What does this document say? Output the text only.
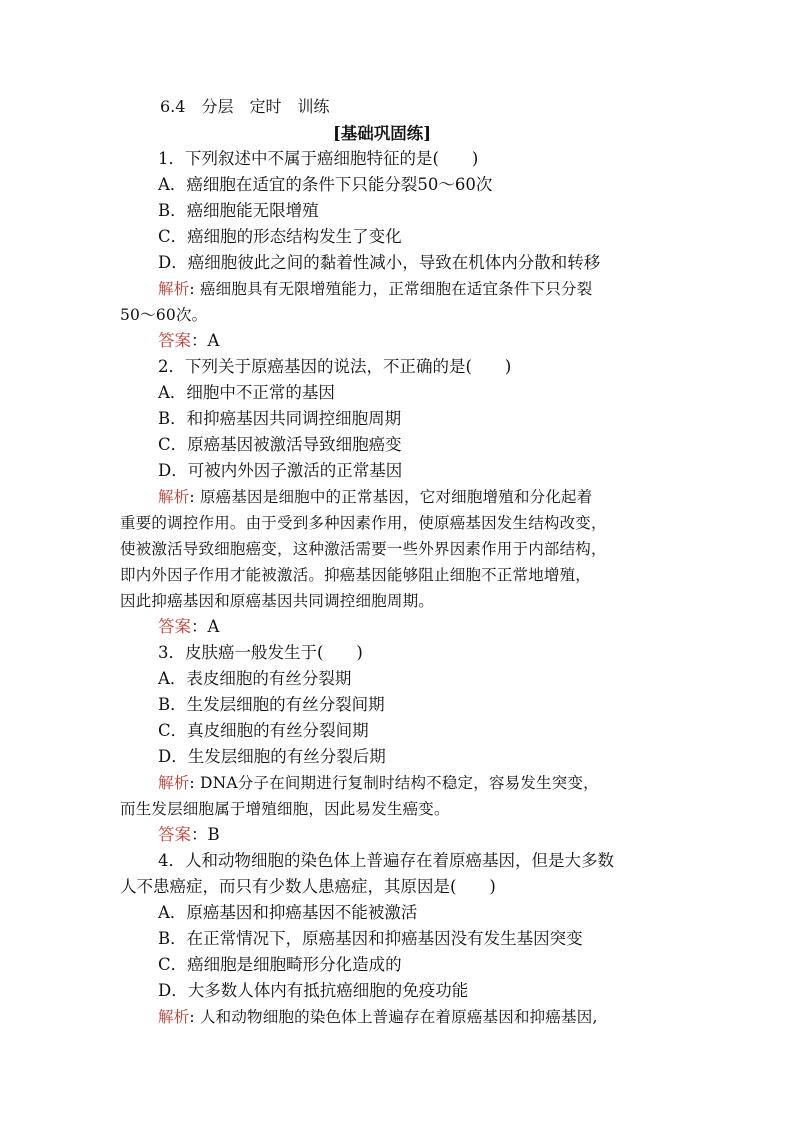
6.4　分层　定时　训练
[基础巩固练]
1．下列叙述中不属于癌细胞特征的是(　　)
A．癌细胞在适宜的条件下只能分裂50～60次
B．癌细胞能无限增殖
C．癌细胞的形态结构发生了变化
D．癌细胞彼此之间的黏着性减小，导致在机体内分散和转移
解析: 癌细胞具有无限增殖能力，正常细胞在适宜条件下只分裂
50～60次。
答案：A
2．下列关于原癌基因的说法，不正确的是(　　)
A．细胞中不正常的基因
B．和抑癌基因共同调控细胞周期
C．原癌基因被激活导致细胞癌变
D．可被内外因子激活的正常基因
解析: 原癌基因是细胞中的正常基因，它对细胞增殖和分化起着
重要的调控作用。由于受到多种因素作用，使原癌基因发生结构改变，
使被激活导致细胞癌变，这种激活需要一些外界因素作用于内部结构，
即内外因子作用才能被激活。抑癌基因能够阻止细胞不正常地增殖，
因此抑癌基因和原癌基因共同调控细胞周期。
答案：A
3．皮肤癌一般发生于(　　)
A．表皮细胞的有丝分裂期
B．生发层细胞的有丝分裂间期
C．真皮细胞的有丝分裂间期
D．生发层细胞的有丝分裂后期
解析: DNA分子在间期进行复制时结构不稳定，容易发生突变，
而生发层细胞属于增殖细胞，因此易发生癌变。
答案：B
4．人和动物细胞的染色体上普遍存在着原癌基因，但是大多数
人不患癌症，而只有少数人患癌症，其原因是(　　)
A．原癌基因和抑癌基因不能被激活
B．在正常情况下，原癌基因和抑癌基因没有发生基因突变
C．癌细胞是细胞畸形分化造成的
D．大多数人体内有抵抗癌细胞的免疫功能
解析: 人和动物细胞的染色体上普遍存在着原癌基因和抑癌基因,
